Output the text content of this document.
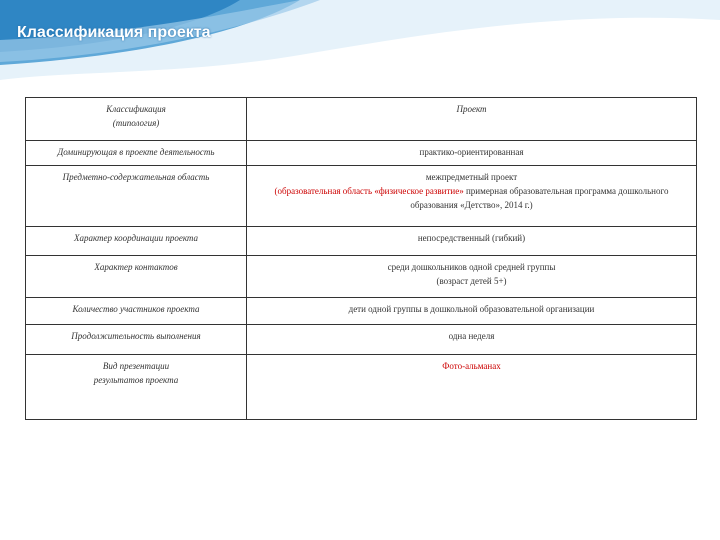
Классификация проекта
Классификация
(типология)	Проект
Доминирующая в проекте деятельность	практико-ориентированная
Предметно-содержательная область	межпредметный проект
(образовательная область «физическое развитие» примерная образовательная программа дошкольного образования «Детство», 2014 г.)
Характер координации проекта	непосредственный (гибкий)
Характер контактов	среди дошкольников одной средней группы
(возраст детей 5+)
Количество участников проекта	дети одной группы в дошкольной образовательной организации
Продолжительность выполнения	одна неделя
Вид презентации
результатов проекта	Фото-альманах
